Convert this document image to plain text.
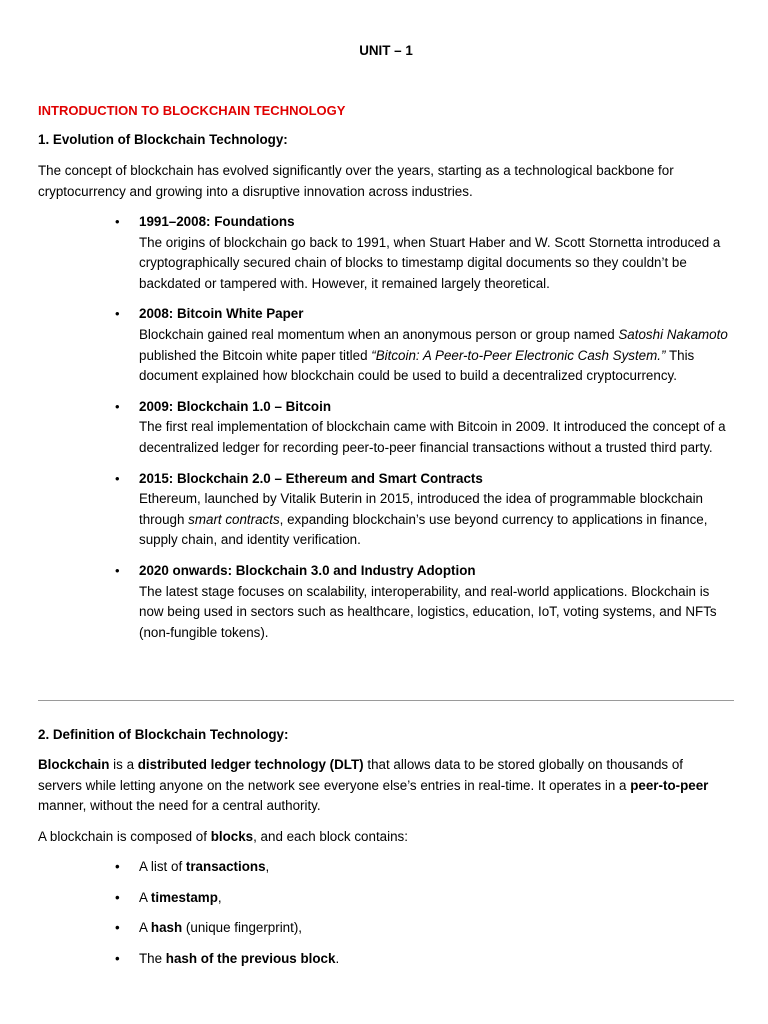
UNIT – 1
INTRODUCTION TO BLOCKCHAIN TECHNOLOGY
1. Evolution of Blockchain Technology:
The concept of blockchain has evolved significantly over the years, starting as a technological backbone for cryptocurrency and growing into a disruptive innovation across industries.
• 1991–2008: Foundations
The origins of blockchain go back to 1991, when Stuart Haber and W. Scott Stornetta introduced a cryptographically secured chain of blocks to timestamp digital documents so they couldn’t be backdated or tampered with. However, it remained largely theoretical.
• 2008: Bitcoin White Paper
Blockchain gained real momentum when an anonymous person or group named Satoshi Nakamoto published the Bitcoin white paper titled “Bitcoin: A Peer-to-Peer Electronic Cash System.” This document explained how blockchain could be used to build a decentralized cryptocurrency.
• 2009: Blockchain 1.0 – Bitcoin
The first real implementation of blockchain came with Bitcoin in 2009. It introduced the concept of a decentralized ledger for recording peer-to-peer financial transactions without a trusted third party.
• 2015: Blockchain 2.0 – Ethereum and Smart Contracts
Ethereum, launched by Vitalik Buterin in 2015, introduced the idea of programmable blockchain through smart contracts, expanding blockchain’s use beyond currency to applications in finance, supply chain, and identity verification.
• 2020 onwards: Blockchain 3.0 and Industry Adoption
The latest stage focuses on scalability, interoperability, and real-world applications. Blockchain is now being used in sectors such as healthcare, logistics, education, IoT, voting systems, and NFTs (non-fungible tokens).
2. Definition of Blockchain Technology:
Blockchain is a distributed ledger technology (DLT) that allows data to be stored globally on thousands of servers while letting anyone on the network see everyone else’s entries in real-time. It operates in a peer-to-peer manner, without the need for a central authority.
A blockchain is composed of blocks, and each block contains:
• A list of transactions,
• A timestamp,
• A hash (unique fingerprint),
• The hash of the previous block.
